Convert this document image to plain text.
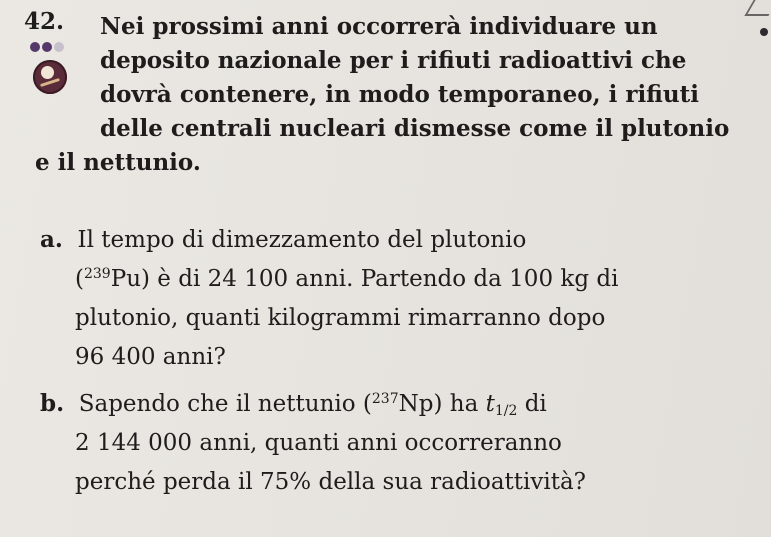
42. Nei prossimi anni occorrerà individuare un
deposito nazionale per i rifiuti radioattivi che
dovrà contenere, in modo temporaneo, i rifiuti
delle centrali nucleari dismesse come il plutonio
e il nettunio.
a. Il tempo di dimezzamento del plutonio
($^{239}$Pu) è di 24 100 anni. Partendo da 100 kg di
plutonio, quanti kilogrammi rimarranno dopo
96 400 anni?
b. Sapendo che il nettunio ($^{237}$Np) ha $t_{1/2}$ di
2 144 000 anni, quanti anni occorreranno
perché perda il 75% della sua radioattività?
